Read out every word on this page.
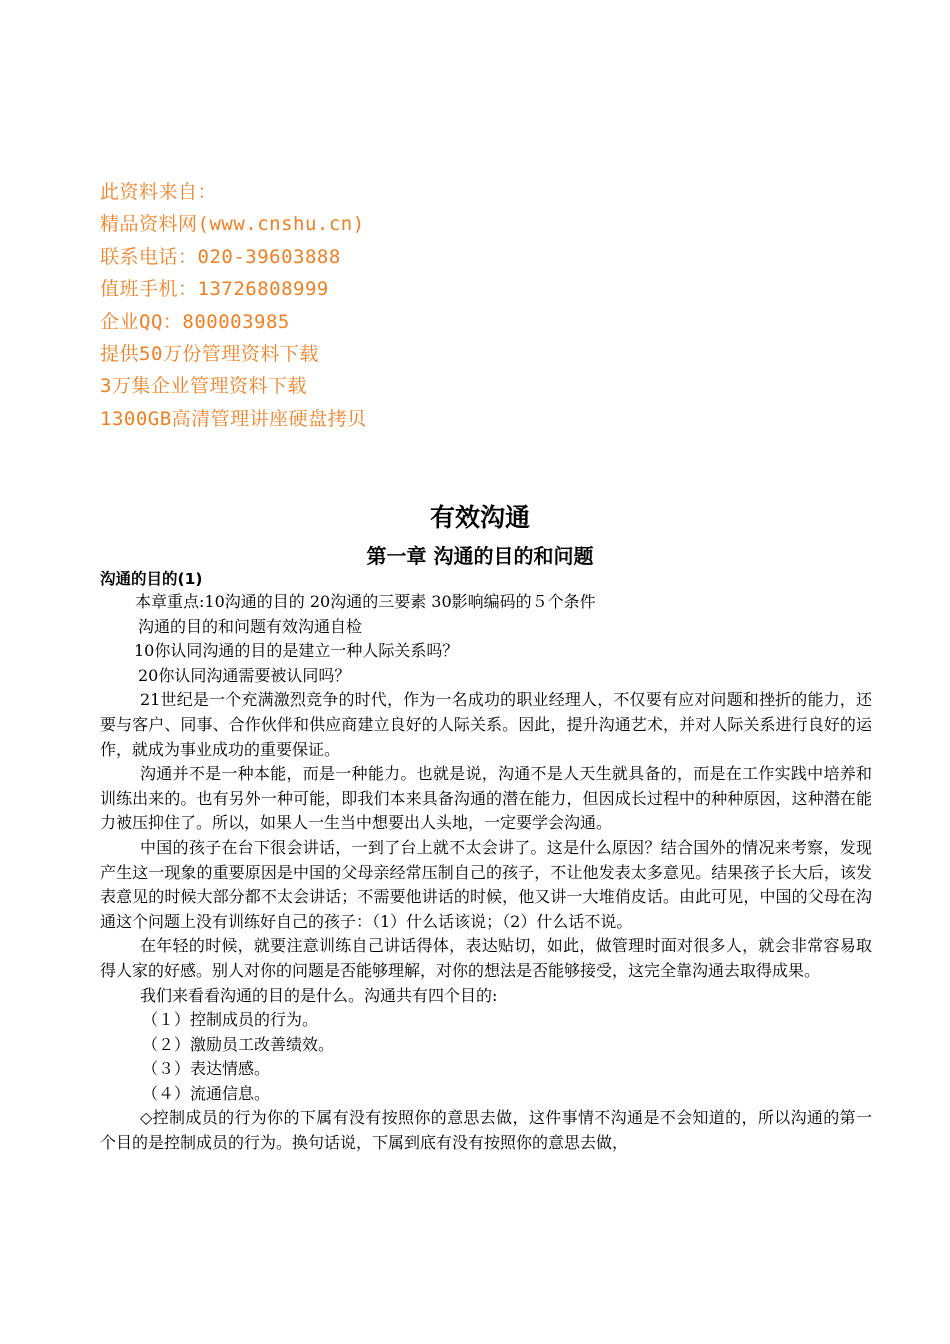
此资料来自：
精品资料网(www.cnshu.cn)
联系电话：020-39603888
值班手机：13726808999
企业QQ：800003985
提供50万份管理资料下载
3万集企业管理资料下载
1300GB高清管理讲座硬盘拷贝
有效沟通
第一章 沟通的目的和问题
沟通的目的(1)

本章重点:10沟通的目的 20沟通的三要素 30影响编码的５个条件

沟通的目的和问题有效沟通自检

10你认同沟通的目的是建立一种人际关系吗？

20你认同沟通需要被认同吗？

21世纪是一个充满激烈竞争的时代，作为一名成功的职业经理人，不仅要有应对问题和挫折的能力，还要与客户、同事、合作伙伴和供应商建立良好的人际关系。因此，提升沟通艺术，并对人际关系进行良好的运作，就成为事业成功的重要保证。

沟通并不是一种本能，而是一种能力。也就是说，沟通不是人天生就具备的，而是在工作实践中培养和训练出来的。也有另外一种可能，即我们本来具备沟通的潜在能力，但因成长过程中的种种原因，这种潜在能力被压抑住了。所以，如果人一生当中想要出人头地，一定要学会沟通。

中国的孩子在台下很会讲话，一到了台上就不太会讲了。这是什么原因？结合国外的情况来考察，发现产生这一现象的重要原因是中国的父母亲经常压制自己的孩子，不让他发表太多意见。结果孩子长大后，该发表意见的时候大部分都不太会讲话；不需要他讲话的时候，他又讲一大堆俏皮话。由此可见，中国的父母在沟通这个问题上没有训练好自己的孩子：（1）什么话该说；（2）什么话不说。

在年轻的时候，就要注意训练自己讲话得体，表达贴切，如此，做管理时面对很多人，就会非常容易取得人家的好感。别人对你的问题是否能够理解，对你的想法是否能够接受，这完全靠沟通去取得成果。

我们来看看沟通的目的是什么。沟通共有四个目的:

（１）控制成员的行为。

（２）激励员工改善绩效。

（３）表达情感。

（４）流通信息。

◇控制成员的行为你的下属有没有按照你的意思去做，这件事情不沟通是不会知道的，所以沟通的第一个目的是控制成员的行为。换句话说，下属到底有没有按照你的意思去做，
